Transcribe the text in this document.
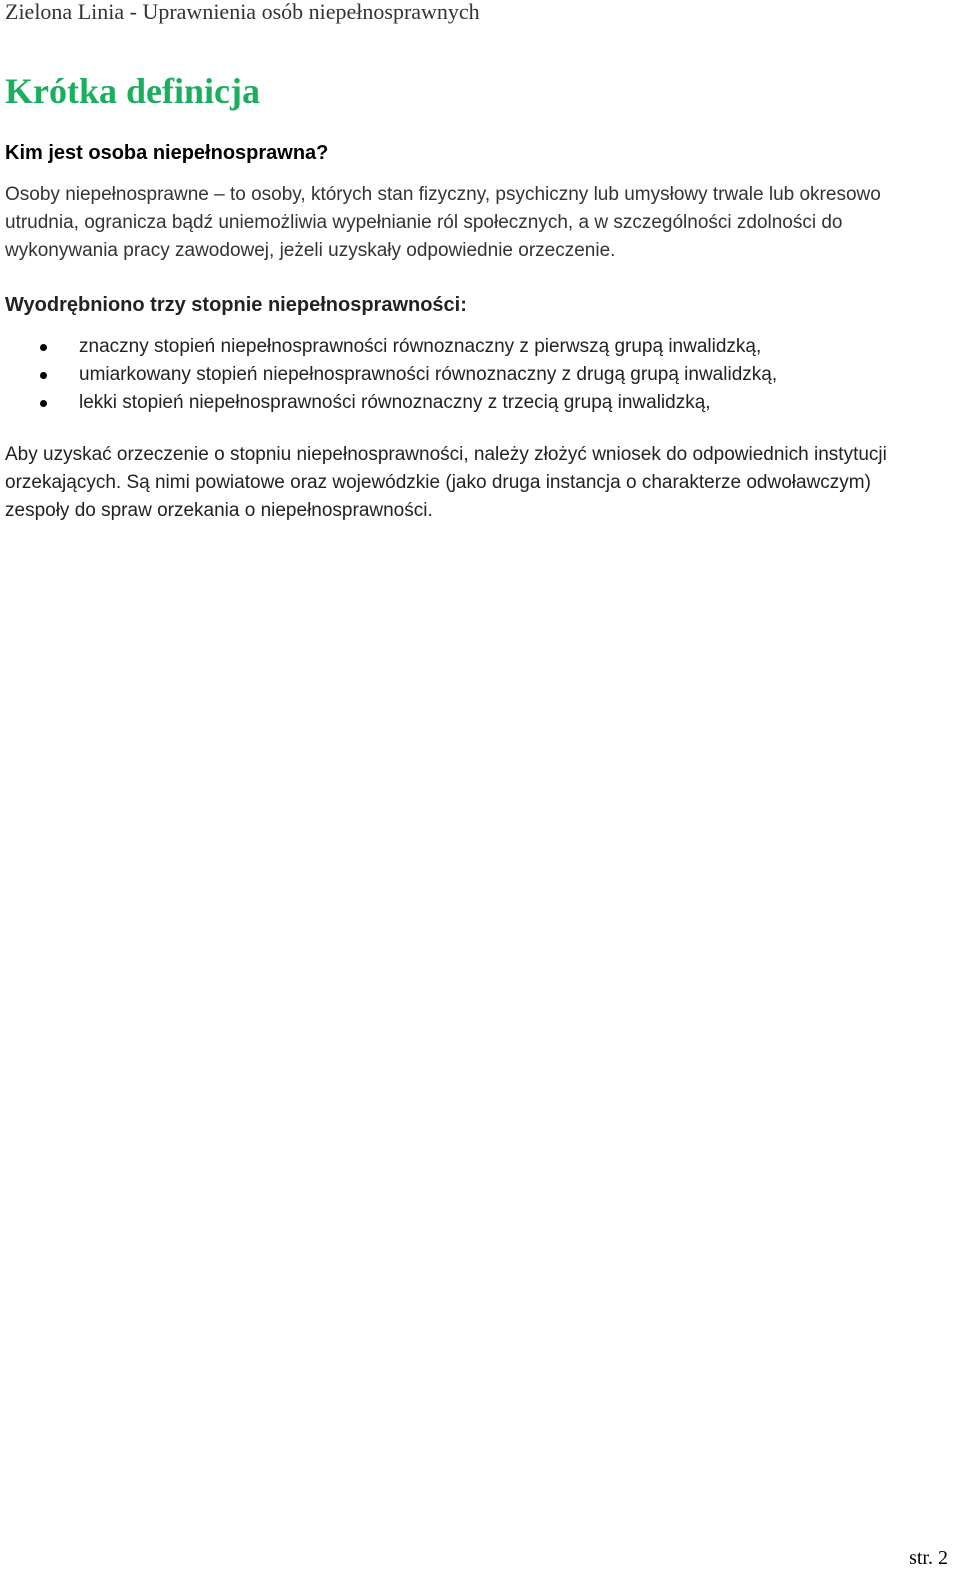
Zielona Linia - Uprawnienia osób niepełnosprawnych
Krótka definicja
Kim jest osoba niepełnosprawna?

Osoby niepełnosprawne – to osoby, których stan fizyczny, psychiczny lub umysłowy trwale lub okresowo utrudnia, ogranicza bądź uniemożliwia wypełnianie ról społecznych, a w szczególności zdolności do wykonywania pracy zawodowej, jeżeli uzyskały odpowiednie orzeczenie.

Wyodrębniono trzy stopnie niepełnosprawności:
znaczny stopień niepełnosprawności równoznaczny z pierwszą grupą inwalidzką,
umiarkowany stopień niepełnosprawności równoznaczny z drugą grupą inwalidzką,
lekki stopień niepełnosprawności równoznaczny z trzecią grupą inwalidzką,

Aby uzyskać orzeczenie o stopniu niepełnosprawności, należy złożyć wniosek do odpowiednich instytucji orzekających. Są nimi powiatowe oraz wojewódzkie (jako druga instancja o charakterze odwoławczym) zespoły do spraw orzekania o niepełnosprawności.

str. 2
